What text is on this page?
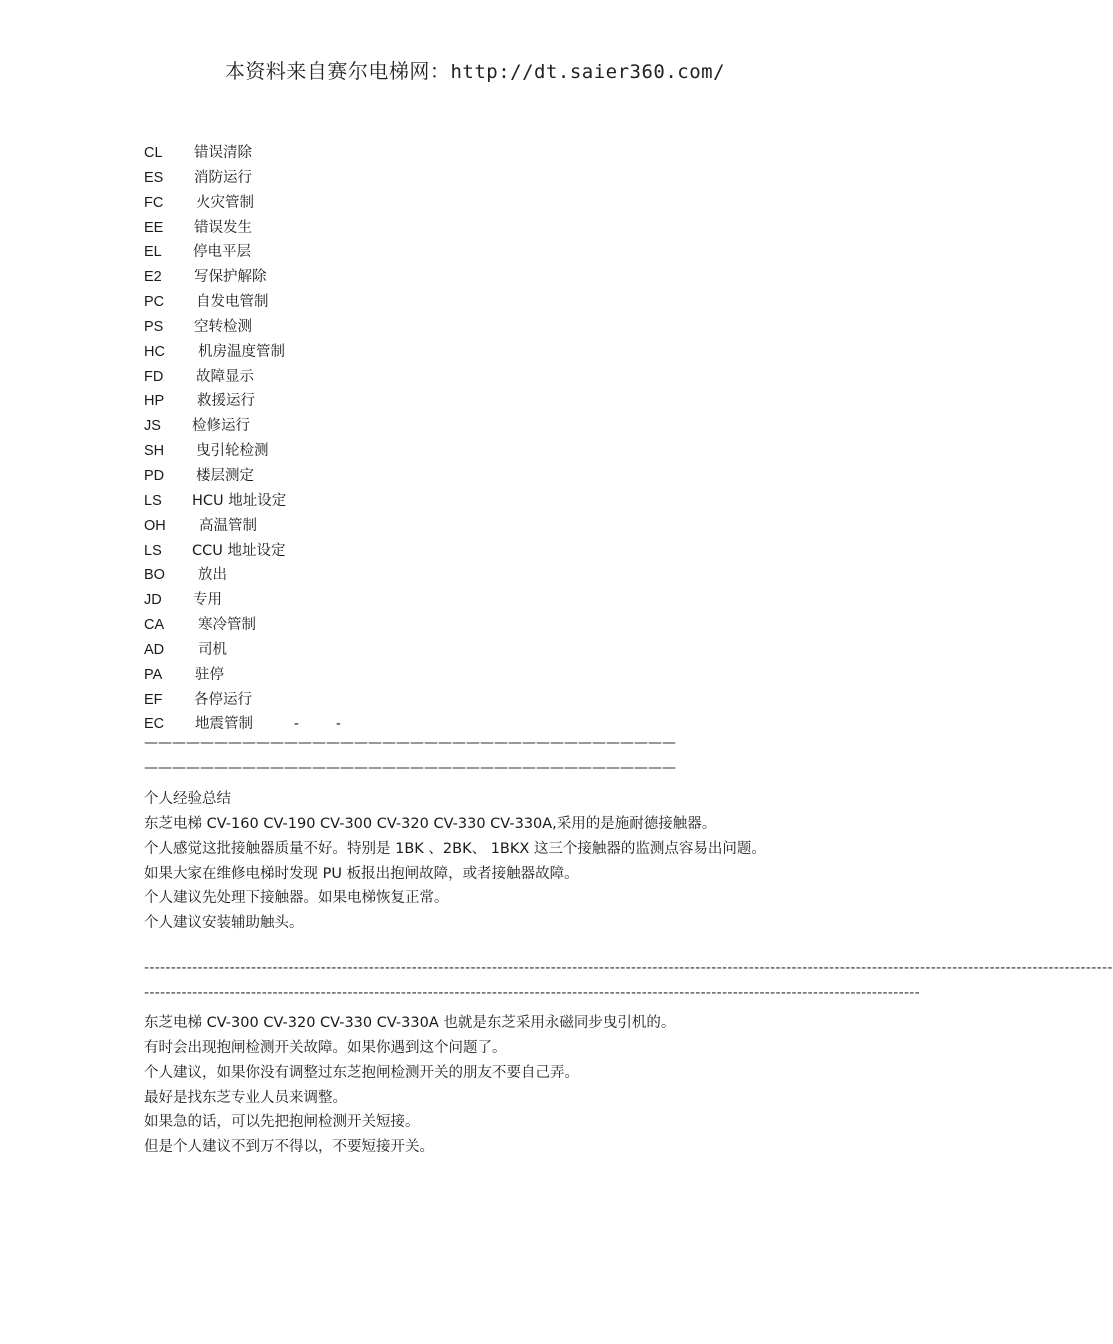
本资料来自赛尔电梯网：http://dt.saier360.com/
CL 错误清除
ES 消防运行
FC 火灾管制
EE 错误发生
EL 停电平层
E2 写保护解除
PC 自发电管制
PS 空转检测
HC 机房温度管制
FD 故障显示
HP 救援运行
JS 检修运行
SH 曳引轮检测
PD 楼层测定
LS HCU 地址设定
OH 高温管制
LS CCU 地址设定
BO 放出
JD 专用
CA 寒冷管制
AD 司机
PA 驻停
EF 各停运行
EC 地震管制	-	-
——————————————————————————————————————
——————————————————————————————————————

个人经验总结

东芝电梯 CV-160 CV-190 CV-300 CV-320 CV-330 CV-330A,采用的是施耐德接触器。

个人感觉这批接触器质量不好。特别是 1BK 、2BK、 1BKX 这三个接触器的监测点容易出问题。

如果大家在维修电梯时发现 PU 板报出抱闸故障，或者接触器故障。

个人建议先处理下接触器。如果电梯恢复正常。

个人建议安装辅助触头。

-------------------------------------------------------------------------------------------------------------------------------------------------------------------------------------
-------------------------------------------------------------------------------------------------------------------------------------------------

东芝电梯 CV-300 CV-320 CV-330 CV-330A 也就是东芝采用永磁同步曳引机的。

有时会出现抱闸检测开关故障。如果你遇到这个问题了。

个人建议，如果你没有调整过东芝抱闸检测开关的朋友不要自己弄。

最好是找东芝专业人员来调整。

如果急的话，可以先把抱闸检测开关短接。

但是个人建议不到万不得以，不要短接开关。
